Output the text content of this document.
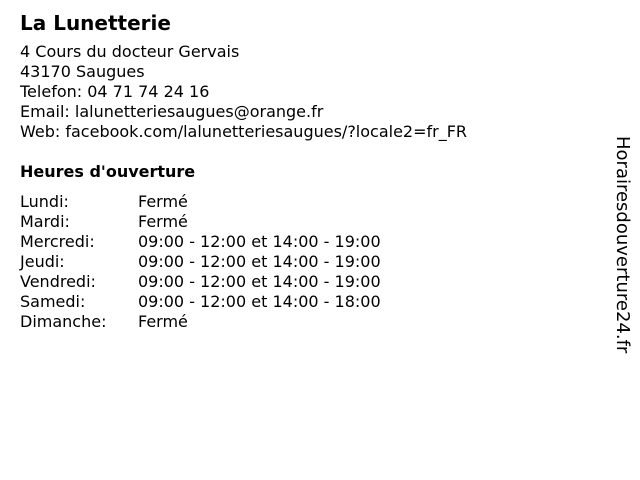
La Lunetterie
4 Cours du docteur Gervais
43170 Saugues
Telefon: 04 71 74 24 16
Email: lalunetteriesaugues@orange.fr
Web: facebook.com/lalunetteriesaugues/?locale2=fr_FR
Heures d'ouverture
Lundi:	Fermé
Mardi:	Fermé
Mercredi:	09:00 - 12:00 et 14:00 - 19:00
Jeudi:	09:00 - 12:00 et 14:00 - 19:00
Vendredi:	09:00 - 12:00 et 14:00 - 19:00
Samedi:	09:00 - 12:00 et 14:00 - 18:00
Dimanche:	Fermé	Horairesdouverture24.fr
